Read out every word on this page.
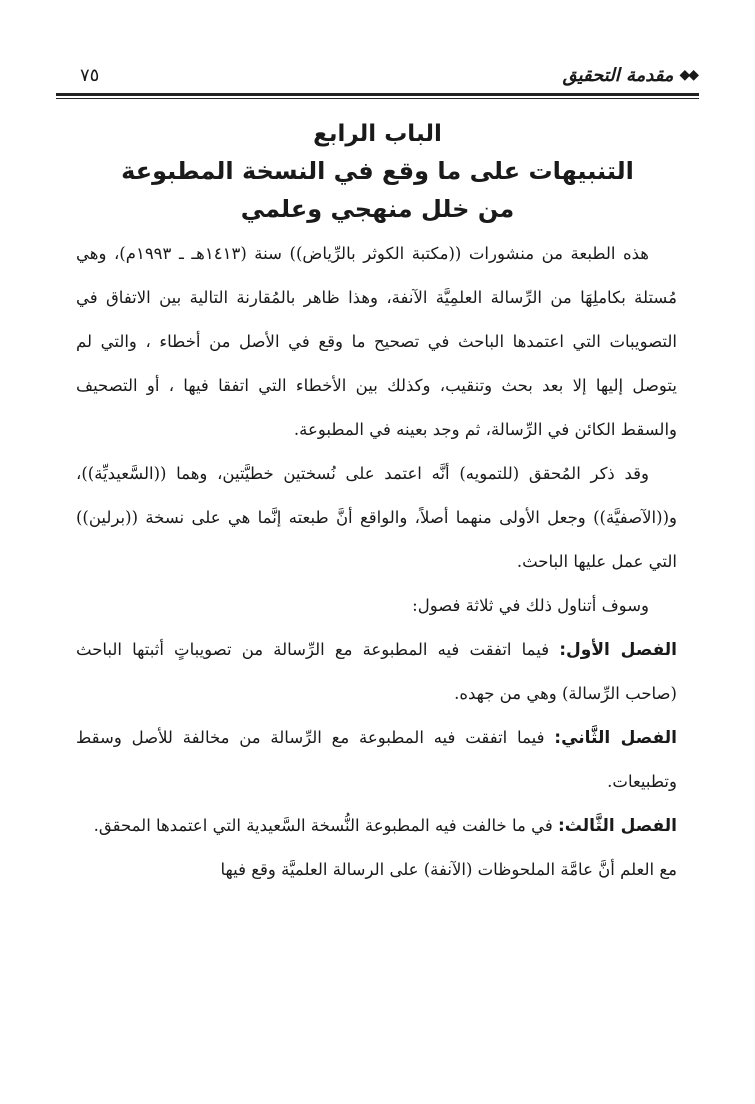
◆◆
مقدمة التحقيق
٧٥
الباب الرابع
التنبيهات على ما وقع في النسخة المطبوعة من خلل منهجي وعلمي

هذه الطبعة من منشورات ((مكتبة الكوثر بالرِّياض)) سنة (١٤١٣هـ ـ ١٩٩٣م)، وهي مُستلة بكاملِهَا من الرِّسالة العلمِيَّة الآنفة، وهذا ظاهر بالمُقارنة التالية بين الاتفاق في التصويبات التي اعتمدها الباحث في تصحيح ما وقع في الأصل من أخطاء ، والتي لم يتوصل إليها إلا بعد بحث وتنقيب، وكذلك بين الأخطاء التي اتفقا فيها ، أو التصحيف والسقط الكائن في الرِّسالة، ثم وجد بعينه في المطبوعة.

وقد ذكر المُحقق (للتمويه) أنَّه اعتمد على نُسختين خطيَّتين، وهما ((السَّعيديِّة))، و((الآصفيَّة)) وجعل الأولى منهما أصلاً، والواقع أنَّ طبعته إنَّما هي على نسخة ((برلين)) التي عمل عليها الباحث.

وسوف أتناول ذلك في ثلاثة فصول:

الفصل الأول: فيما اتفقت فيه المطبوعة مع الرِّسالة من تصويباتٍ أثبتها الباحث (صاحب الرِّسالة) وهي من جهده.

الفصل الثَّاني: فيما اتفقت فيه المطبوعة مع الرِّسالة من مخالفة للأصل وسقط وتطبيعات.

الفصل الثَّالث: في ما خالفت فيه المطبوعة النُّسخة السَّعيدية التي اعتمدها المحقق.

مع العلم أنَّ عامَّة الملحوظات (الآنفة) على الرسالة العلميَّة وقع فيها
